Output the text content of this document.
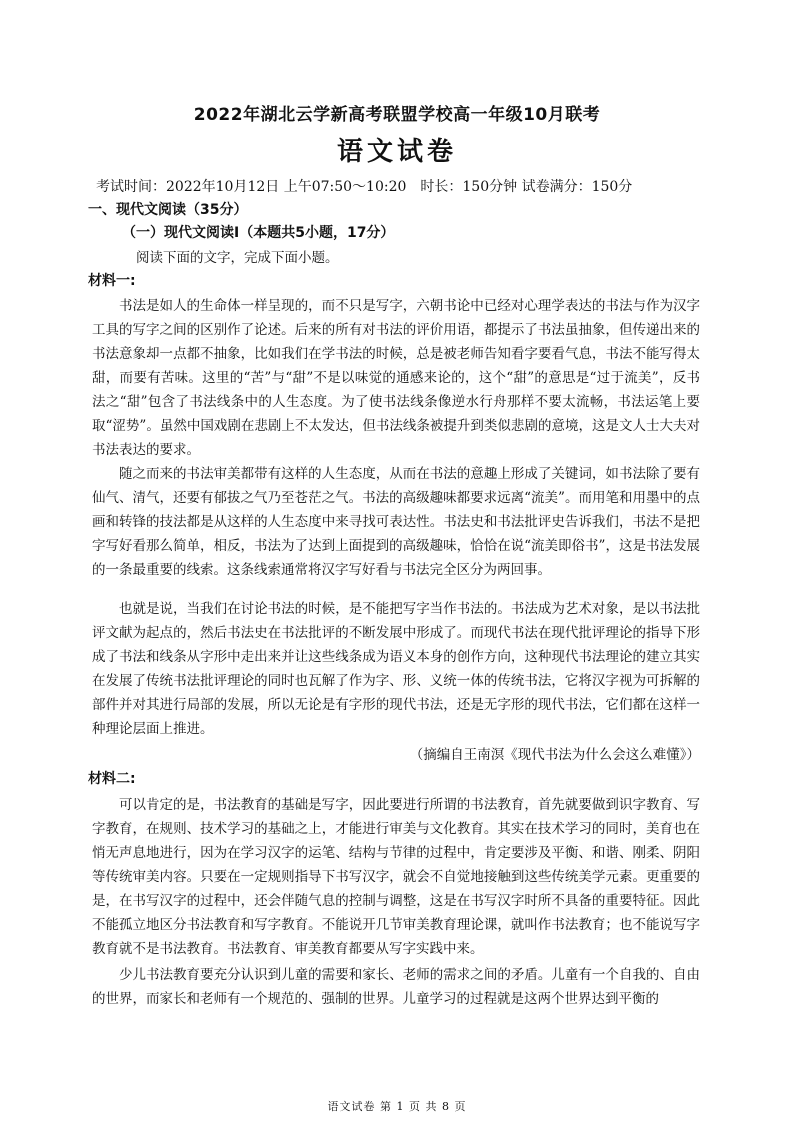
2022年湖北云学新高考联盟学校高一年级10月联考
语文试卷
考试时间：2022年10月12日 上午07:50～10:20　时长：150分钟 试卷满分：150分
一、现代文阅读（35分）
（一）现代文阅读Ⅰ（本题共5小题，17分）
阅读下面的文字，完成下面小题。
材料一:

书法是如人的生命体一样呈现的，而不只是写字，六朝书论中已经对心理学表达的书法与作为汉字工具的写字之间的区别作了论述。后来的所有对书法的评价用语，都提示了书法虽抽象，但传递出来的书法意象却一点都不抽象，比如我们在学书法的时候，总是被老师告知看字要看气息，书法不能写得太甜，而要有苦味。这里的“苦”与“甜”不是以味觉的通感来论的，这个“甜”的意思是“过于流美”，反书法之“甜”包含了书法线条中的人生态度。为了使书法线条像逆水行舟那样不要太流畅，书法运笔上要取“涩势”。虽然中国戏剧在悲剧上不太发达，但书法线条被提升到类似悲剧的意境，这是文人士大夫对书法表达的要求。

随之而来的书法审美都带有这样的人生态度，从而在书法的意趣上形成了关键词，如书法除了要有仙气、清气，还要有郁拔之气乃至苍茫之气。书法的高级趣味都要求远离“流美”。而用笔和用墨中的点画和转锋的技法都是从这样的人生态度中来寻找可表达性。书法史和书法批评史告诉我们，书法不是把字写好看那么简单，相反，书法为了达到上面提到的高级趣味，恰恰在说“流美即俗书”，这是书法发展的一条最重要的线索。这条线索通常将汉字写好看与书法完全区分为两回事。

也就是说，当我们在讨论书法的时候，是不能把写字当作书法的。书法成为艺术对象，是以书法批评文献为起点的，然后书法史在书法批评的不断发展中形成了。而现代书法在现代批评理论的指导下形成了书法和线条从字形中走出来并让这些线条成为语义本身的创作方向，这种现代书法理论的建立其实在发展了传统书法批评理论的同时也瓦解了作为字、形、义统一体的传统书法，它将汉字视为可拆解的部件并对其进行局部的发展，所以无论是有字形的现代书法，还是无字形的现代书法，它们都在这样一种理论层面上推进。

（摘编自王南溟《现代书法为什么会这么难懂》）
材料二:

可以肯定的是，书法教育的基础是写字，因此要进行所谓的书法教育，首先就要做到识字教育、写字教育，在规则、技术学习的基础之上，才能进行审美与文化教育。其实在技术学习的同时，美育也在悄无声息地进行，因为在学习汉字的运笔、结构与节律的过程中，肯定要涉及平衡、和谐、刚柔、阴阳等传统审美内容。只要在一定规则指导下书写汉字，就会不自觉地接触到这些传统美学元素。更重要的是，在书写汉字的过程中，还会伴随气息的控制与调整，这是在书写汉字时所不具备的重要特征。因此不能孤立地区分书法教育和写字教育。不能说开几节审美教育理论课，就叫作书法教育；也不能说写字教育就不是书法教育。书法教育、审美教育都要从写字实践中来。

少儿书法教育要充分认识到儿童的需要和家长、老师的需求之间的矛盾。儿童有一个自我的、自由的世界，而家长和老师有一个规范的、强制的世界。儿童学习的过程就是这两个世界达到平衡的

语文试卷 第 1 页 共 8 页
